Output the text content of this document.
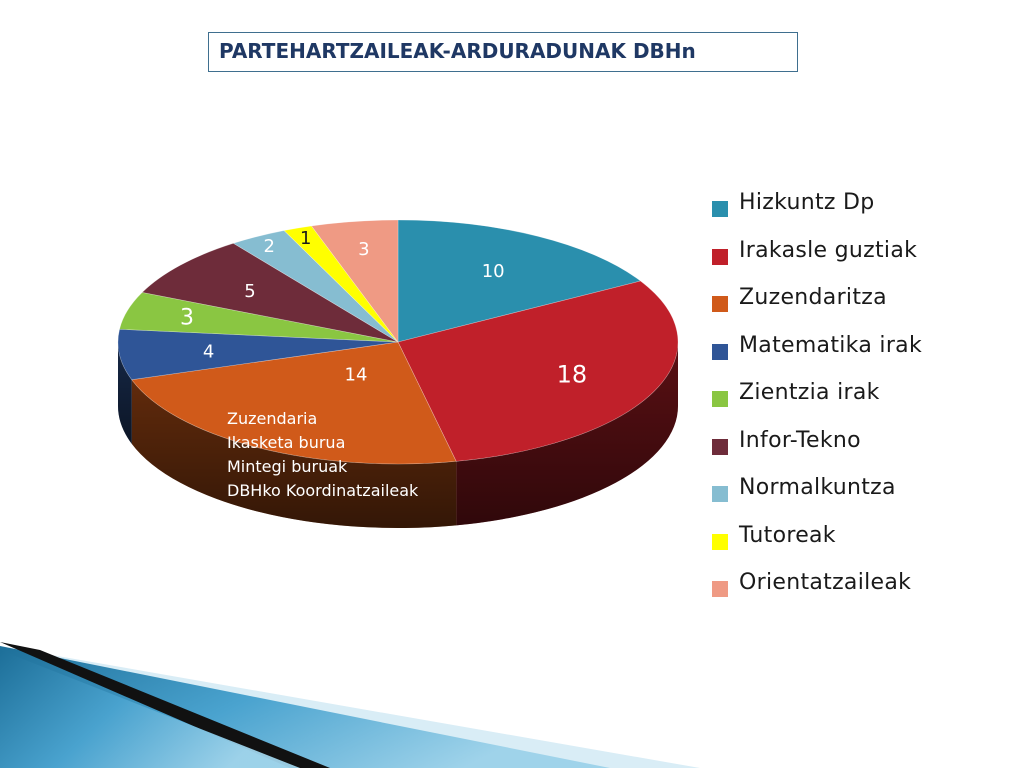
PARTEHARTZAILEAK-ARDURADUNAK DBHn
10
18
14
4
3
5
2 1
3
Zuzendaria
Ikasketa burua
Mintegi buruak
DBHko Koordinatzaileak
Hizkuntz Dp
Irakasle guztiak
Zuzendaritza
Matematika irak
Zientzia irak
Infor-Tekno
Normalkuntza
Tutoreak
Orientatzaileak
